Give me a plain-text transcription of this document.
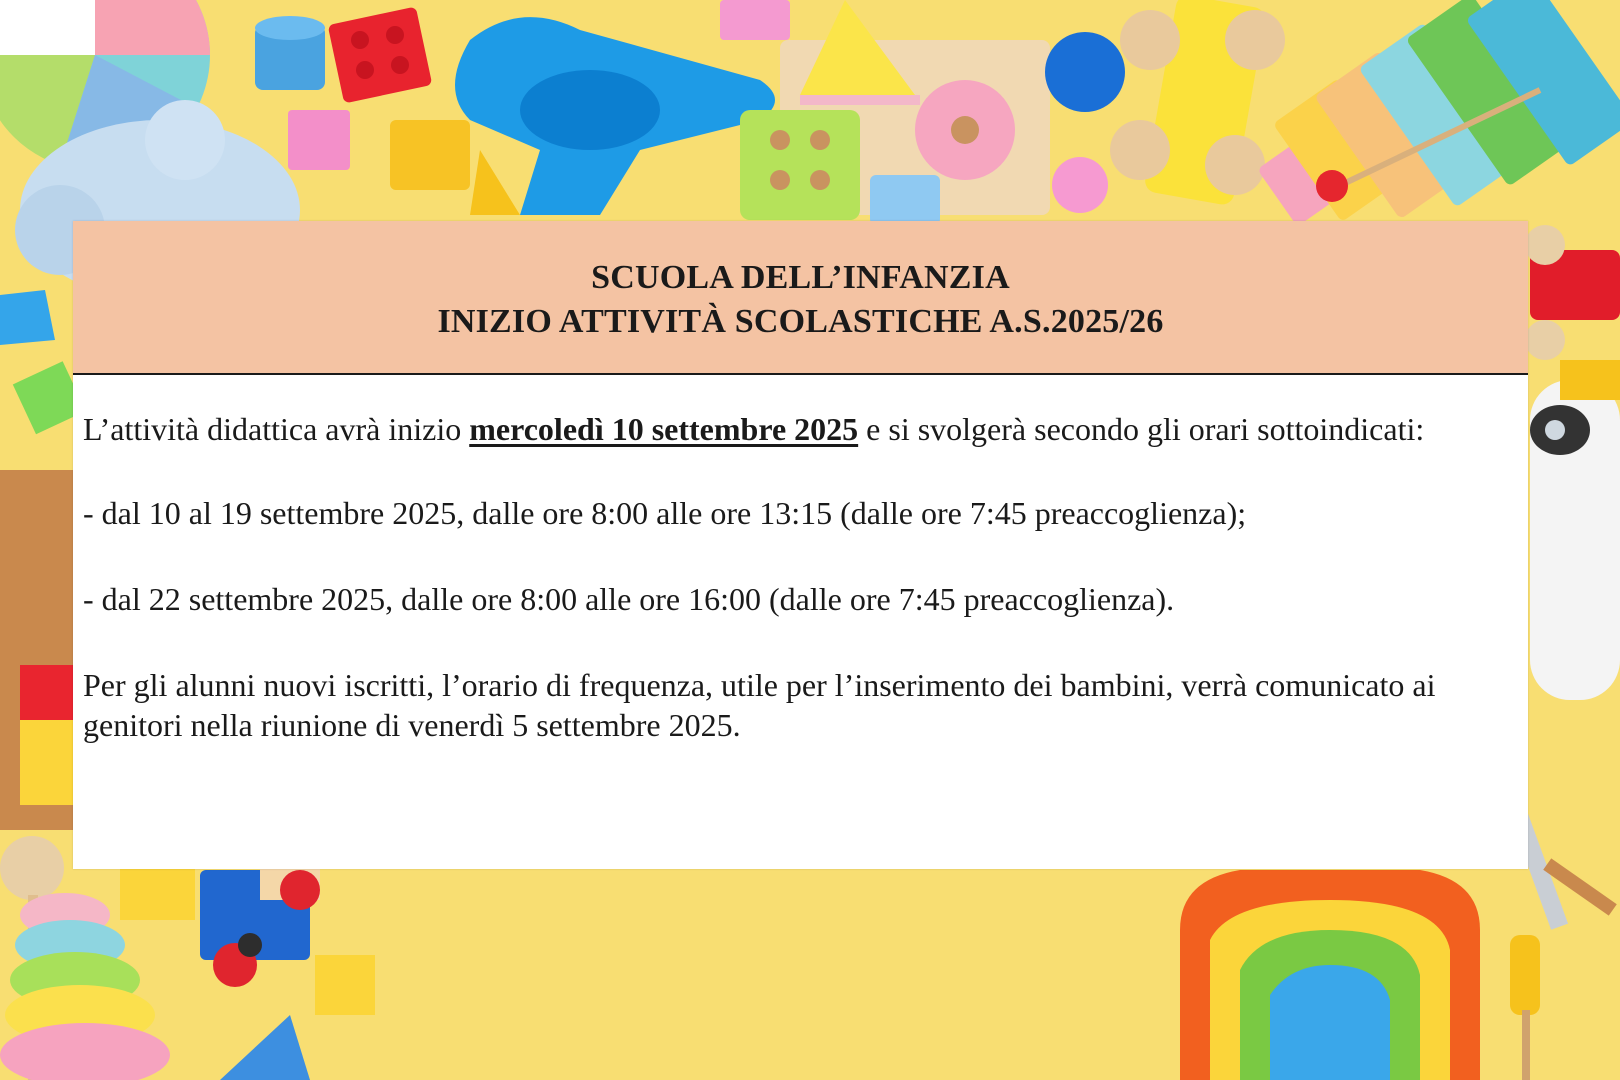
SCUOLA DELL’INFANZIA
INIZIO ATTIVITÀ SCOLASTICHE A.S.2025/26

L’attività didattica avrà inizio mercoledì 10 settembre 2025 e si svolgerà secondo gli orari sottoindicati:

- dal 10 al 19 settembre 2025, dalle ore 8:00 alle ore 13:15 (dalle ore 7:45 preaccoglienza);

- dal 22 settembre 2025, dalle ore 8:00 alle ore 16:00 (dalle ore 7:45 preaccoglienza).

Per gli alunni nuovi iscritti, l’orario di frequenza, utile per l’inserimento dei bambini, verrà comunicato ai genitori nella riunione di venerdì 5 settembre 2025.
